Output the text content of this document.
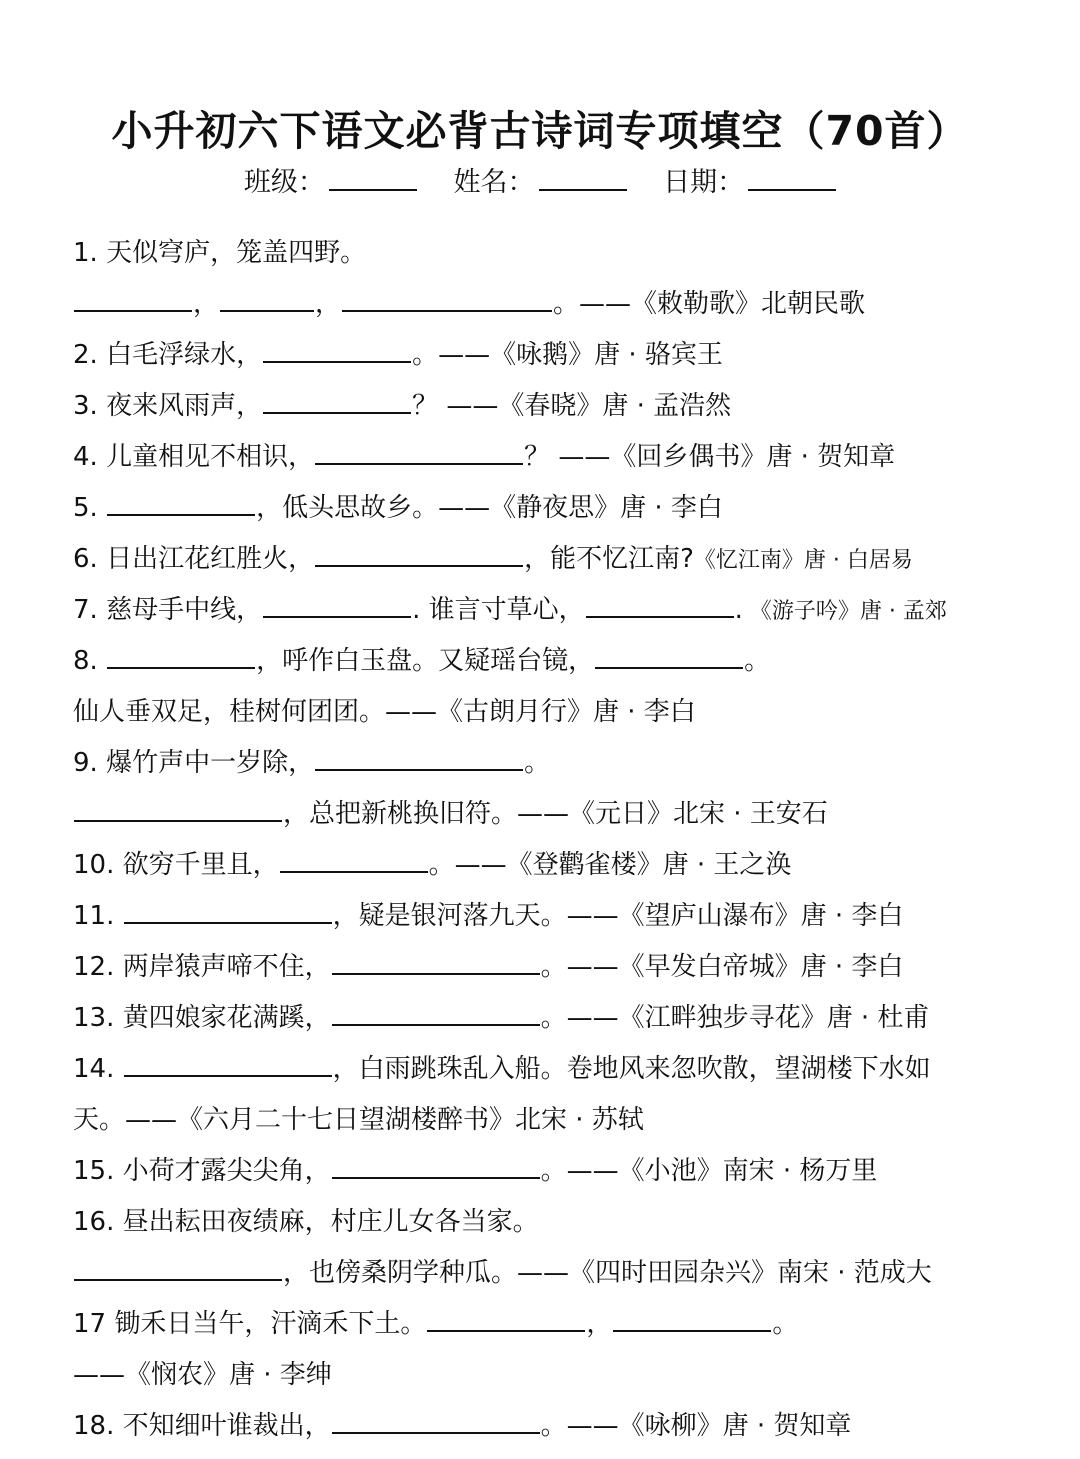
小升初六下语文必背古诗词专项填空（70首）
班级：	姓名：	日期：
1. 天似穹庐，笼盖四野。
，	，	。——《敕勒歌》北朝民歌
2. 白毛浮绿水，	。——《咏鹅》唐 · 骆宾王
3. 夜来风雨声，	？ ——《春晓》唐 · 孟浩然
4. 儿童相见不相识，	？ ——《回乡偶书》唐 · 贺知章
5.	，低头思故乡。——《静夜思》唐 · 李白
6. 日出江花红胜火，	，能不忆江南?《忆江南》唐 · 白居易
7. 慈母手中线，	. 谁言寸草心，	. 《游子吟》唐 · 孟郊
8.	，呼作白玉盘。又疑瑶台镜，	。
仙人垂双足，桂树何团团。——《古朗月行》唐 · 李白
9. 爆竹声中一岁除，	。
，总把新桃换旧符。——《元日》北宋 · 王安石
10. 欲穷千里且，	。——《登鹳雀楼》唐 · 王之涣
11.	，疑是银河落九天。——《望庐山瀑布》唐 · 李白
12. 两岸猿声啼不住，	。——《早发白帝城》唐 · 李白
13. 黄四娘家花满蹊，	。——《江畔独步寻花》唐 · 杜甫
14.	，白雨跳珠乱入船。卷地风来忽吹散，望湖楼下水如
天。——《六月二十七日望湖楼醉书》北宋 · 苏轼
15. 小荷才露尖尖角，	。——《小池》南宋 · 杨万里
16. 昼出耘田夜绩麻，村庄儿女各当家。
，也傍桑阴学种瓜。——《四时田园杂兴》南宋 · 范成大
17 锄禾日当午，汗滴禾下土。	，	。
——《悯农》唐 · 李绅
18. 不知细叶谁裁出，	。——《咏柳》唐 · 贺知章
